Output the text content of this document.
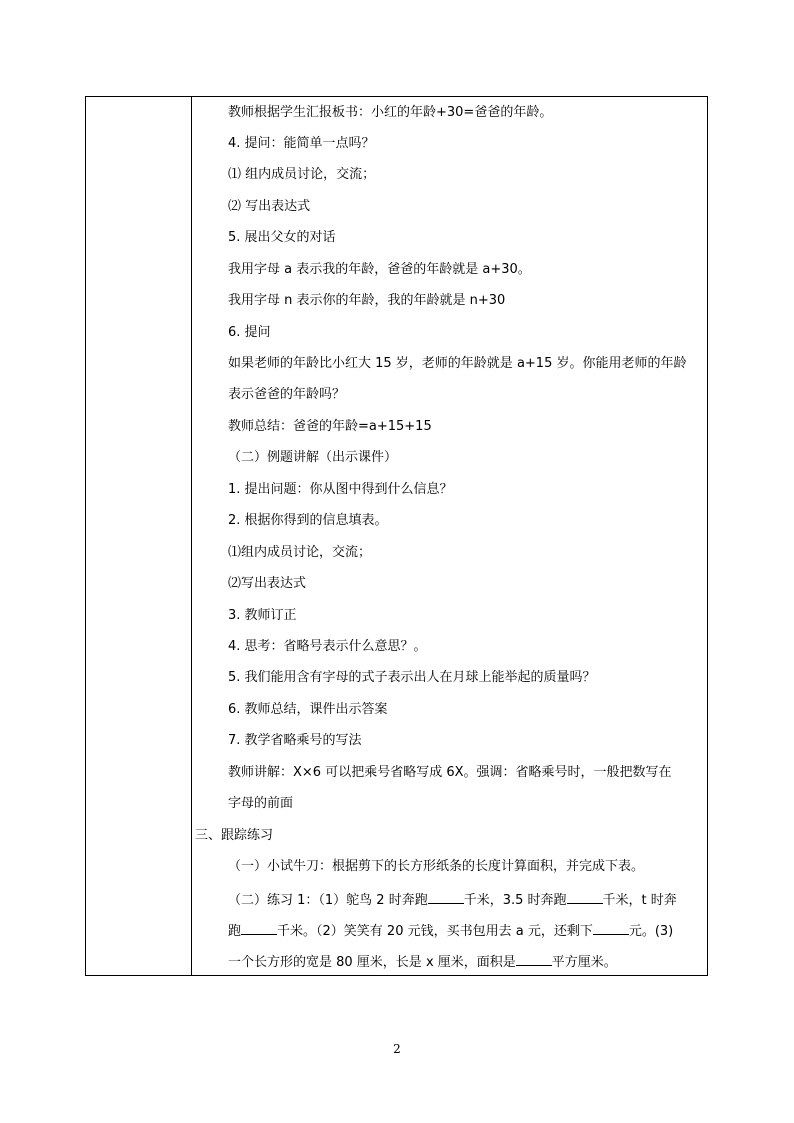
教师根据学生汇报板书：小红的年龄+30=爸爸的年龄。
4. 提问：能简单一点吗？
⑴ 组内成员讨论，交流；
⑵ 写出表达式
5. 展出父女的对话
我用字母 a 表示我的年龄，爸爸的年龄就是 a+30。
我用字母 n 表示你的年龄，我的年龄就是 n+30
6. 提问
如果老师的年龄比小红大 15 岁，老师的年龄就是 a+15 岁。你能用老师的年龄
表示爸爸的年龄吗？
教师总结：爸爸的年龄=a+15+15
（二）例题讲解（出示课件）
1. 提出问题：你从图中得到什么信息？
2. 根据你得到的信息填表。
⑴组内成员讨论，交流；
⑵写出表达式
3. 教师订正
4. 思考：省略号表示什么意思？。
5. 我们能用含有字母的式子表示出人在月球上能举起的质量吗？
6. 教师总结，课件出示答案
7. 教学省略乘号的写法
教师讲解：X×6 可以把乘号省略写成 6X。强调：省略乘号时，一般把数写在
字母的前面
三、跟踪练习
（一）小试牛刀：根据剪下的长方形纸条的长度计算面积，并完成下表。
（二）练习 1：（1）鸵鸟 2 时奔跑	千米，3.5 时奔跑	千米，t 时奔
跑	千米。（2）笑笑有 20 元钱，买书包用去 a 元，还剩下	元。(3)
一个长方形的宽是 80 厘米，长是 x 厘米，面积是	平方厘米。
2
